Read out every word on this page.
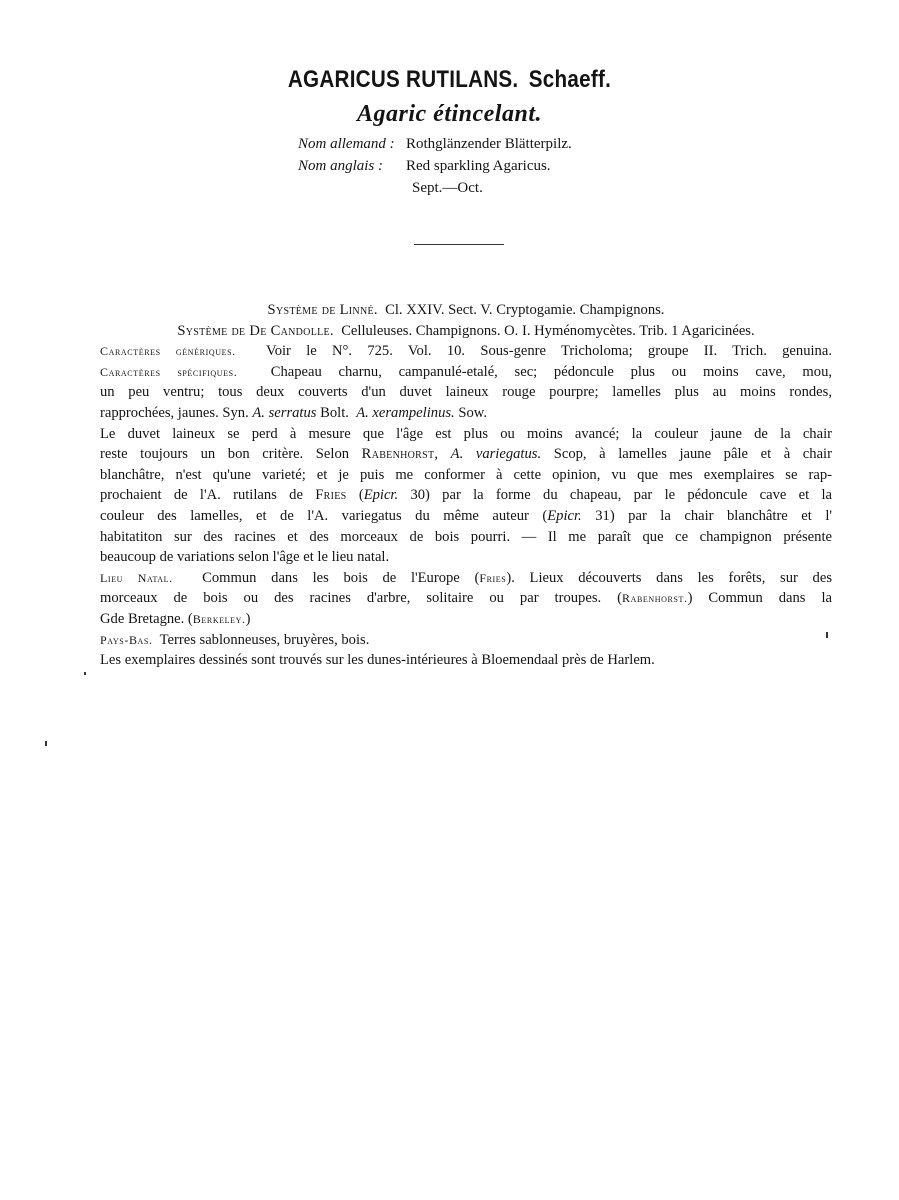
AGARICUS RUTILANS. Schaeff.
Agaric étincelant.
Nom allemand : Rothglänzender Blätterpilz.
Nom anglais : Red sparkling Agaricus.
Sept.—Oct.

Système de Linné. Cl. XXIV. Sect. V. Cryptogamie. Champignons.

Système de De Candolle. Celluleuses. Champignons. O. I. Hyménomycètes. Trib. 1 Agaricinées.

Caractères génériques. Voir le N°. 725. Vol. 10. Sous-genre Tricholoma; groupe II. Trich. genuina.

Caractères spécifiques. Chapeau charnu, campanulé-etalé, sec; pédoncule plus ou moins cave, mou,

un peu ventru; tous deux couverts d'un duvet laineux rouge pourpre; lamelles plus au moins rondes,

rapprochées, jaunes. Syn. A. serratus Bolt. A. xerampelinus. Sow.

Le duvet laineux se perd à mesure que l'âge est plus ou moins avancé; la couleur jaune de la chair

reste toujours un bon critère. Selon Rabenhorst, A. variegatus. Scop, à lamelles jaune pâle et à chair

blanchâtre, n'est qu'une varieté; et je puis me conformer à cette opinion, vu que mes exemplaires se rap-

prochaient de l'A. rutilans de Fries (Epicr. 30) par la forme du chapeau, par le pédoncule cave et la

couleur des lamelles, et de l'A. variegatus du même auteur (Epicr. 31) par la chair blanchâtre et l'

habitatiton sur des racines et des morceaux de bois pourri. — Il me paraît que ce champignon présente

beaucoup de variations selon l'âge et le lieu natal.

Lieu Natal. Commun dans les bois de l'Europe (Fries). Lieux découverts dans les forêts, sur des

morceaux de bois ou des racines d'arbre, solitaire ou par troupes. (Rabenhorst.) Commun dans la

Gde Bretagne. (Berkeley.)

Pays-Bas. Terres sablonneuses, bruyères, bois.

Les exemplaires dessinés sont trouvés sur les dunes-intérieures à Bloemendaal près de Harlem.
